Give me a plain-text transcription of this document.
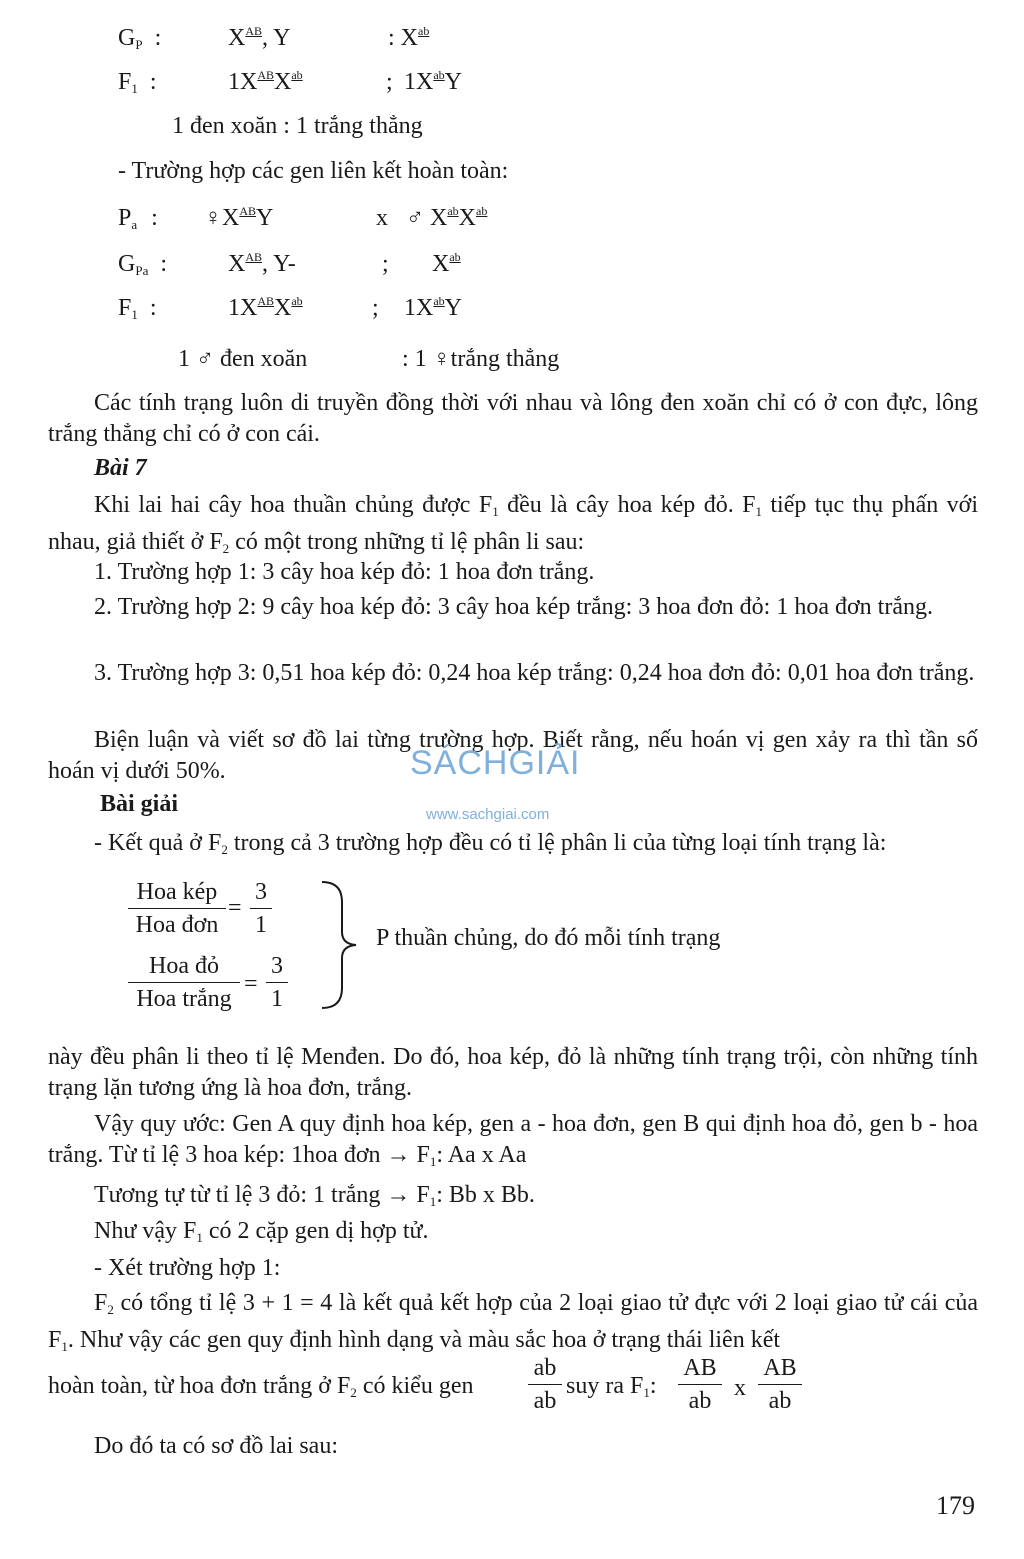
$G_P$ :	$X^{AB}$, Y	: $X^{ab}$
$F_1$ :	$1X^{AB}X^{ab}$	; $1X^{ab}Y$
1 đen xoăn : 1 trắng thẳng
- Trường hợp các gen liên kết hoàn toàn:
$P_a$ : $♀X^{AB}Y$	x ♂ $X^{ab}X^{ab}$
$G_{Pa}$ :	$X^{AB}$, Y-	; $X^{ab}$
$F_1$ :	$1X^{AB}X^{ab}$	; $1X^{ab}Y$
1 ♂ đen xoăn	: 1 ♀trắng thẳng
Các tính trạng luôn di truyền đồng thời với nhau và lông đen xoăn chỉ có ở con đực, lông trắng thẳng chỉ có ở con cái.
Bài 7
Khi lai hai cây hoa thuần chủng được $F_1$ đều là cây hoa kép đỏ. $F_1$ tiếp tục thụ phấn với nhau, giả thiết ở $F_2$ có một trong những tỉ lệ phân li sau:
1. Trường hợp 1: 3 cây hoa kép đỏ: 1 hoa đơn trắng.
2. Trường hợp 2: 9 cây hoa kép đỏ: 3 cây hoa kép trắng: 3 hoa đơn đỏ: 1 hoa đơn trắng.
3. Trường hợp 3: 0,51 hoa kép đỏ: 0,24 hoa kép trắng: 0,24 hoa đơn đỏ: 0,01 hoa đơn trắng.
Biện luận và viết sơ đồ lai từng trường hợp. Biết rằng, nếu hoán vị gen xảy ra thì tần số hoán vị dưới 50%.	SÁCHGIẢI
www.sachgiai.com
Bài giải
- Kết quả ở $F_2$ trong cả 3 trường hợp đều có tỉ lệ phân li của từng loại tính trạng là:
Hoa kép
Hoa đơn
= $\frac{3}{1}$
Hoa đỏ
Hoa trắng
= $\frac{3}{1}$
P thuần chủng, do đó mỗi tính trạng
này đều phân li theo tỉ lệ Menđen. Do đó, hoa kép, đỏ là những tính trạng trội, còn những tính trạng lặn tương ứng là hoa đơn, trắng.
Vậy quy ước: Gen A quy định hoa kép, gen a - hoa đơn, gen B qui định hoa đỏ, gen b - hoa trắng. Từ tỉ lệ 3 hoa kép: 1hoa đơn → $F_1$: Aa x Aa
Tương tự từ tỉ lệ 3 đỏ: 1 trắng → $F_1$: Bb x Bb.
Như vậy $F_1$ có 2 cặp gen dị hợp tử.
- Xét trường hợp 1:
$F_2$ có tổng tỉ lệ 3 + 1 = 4 là kết quả kết hợp của 2 loại giao tử đực với 2 loại giao tử cái của $F_1$. Như vậy các gen quy định hình dạng và màu sắc hoa ở trạng thái liên kết
hoàn toàn, từ hoa đơn trắng ở $F_2$ có kiểu gen $\frac{ab}{ab}$ suy ra $F_1$: $\frac{AB}{ab}$ x $\frac{AB}{ab}$
Do đó ta có sơ đồ lai sau:
179
